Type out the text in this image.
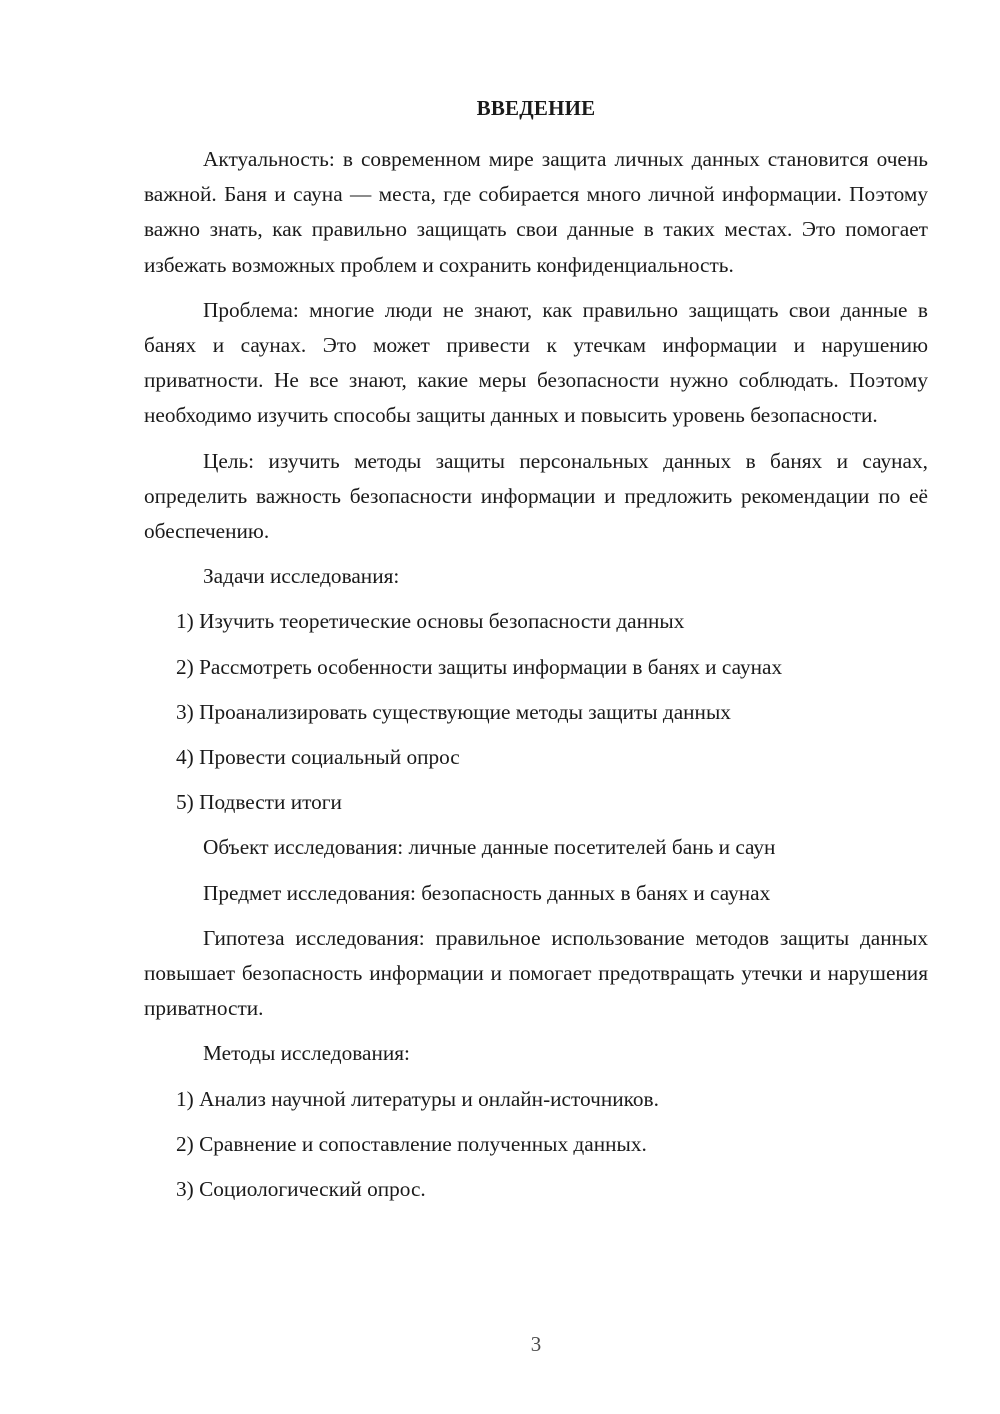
ВВЕДЕНИЕ

Актуальность: в современном мире защита личных данных становится очень важной. Баня и сауна — места, где собирается много личной информации. Поэтому важно знать, как правильно защищать свои данные в таких местах. Это помогает избежать возможных проблем и сохранить конфиденциальность.

Проблема: многие люди не знают, как правильно защищать свои данные в банях и саунах. Это может привести к утечкам информации и нарушению приватности. Не все знают, какие меры безопасности нужно соблюдать. Поэтому необходимо изучить способы защиты данных и повысить уровень безопасности.

Цель: изучить методы защиты персональных данных в банях и саунах, определить важность безопасности информации и предложить рекомендации по её обеспечению.

Задачи исследования:

1) Изучить теоретические основы безопасности данных

2) Рассмотреть особенности защиты информации в банях и саунах

3) Проанализировать существующие методы защиты данных

4) Провести социальный опрос

5) Подвести итоги

Объект исследования: личные данные посетителей бань и саун

Предмет исследования: безопасность данных в банях и саунах

Гипотеза исследования: правильное использование методов защиты данных повышает безопасность информации и помогает предотвращать утечки и нарушения приватности.

Методы исследования:

1) Анализ научной литературы и онлайн-источников.

2) Сравнение и сопоставление полученных данных.

3) Социологический опрос.

3
